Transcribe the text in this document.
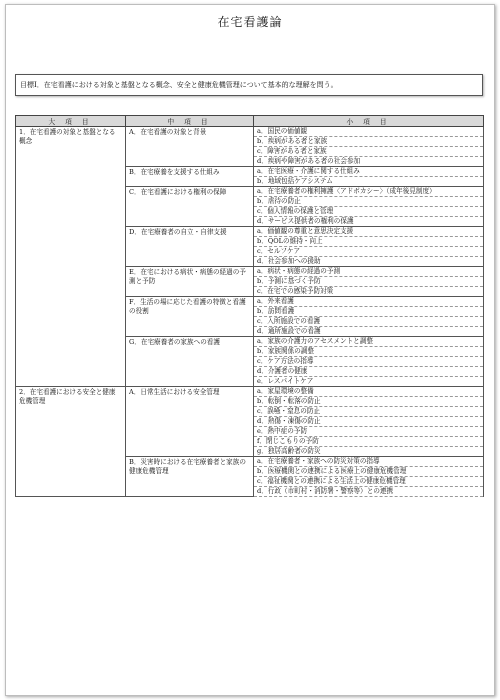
在宅看護論
目標Ⅰ．在宅看護における対象と基盤となる概念、安全と健康危機管理について基本的な理解を問う。
大 項 目	中 項 目	小 項 目
1．在宅看護の対象と基盤となる概念	A．在宅看護の対象と背景	a．国民の価値観
		b．疾病がある者と家族
		c．障害がある者と家族
		d．疾病や障害がある者の社会参加
	B．在宅療養を支援する仕組み	a．在宅医療・介護に関する仕組み
		b．地域包括ケアシステム
	C．在宅看護における権利の保障	a．在宅療養者の権利擁護〈アドボカシー〉（成年後見制度）
		b．虐待の防止
		c．個人情報の保護と管理
		d．サービス提供者の権利の保護
	D．在宅療養者の自立・自律支援	a．価値観の尊重と意思決定支援
		b．QOLの維持・向上
		c．セルフケア
		d．社会参加への援助
	E．在宅における病状・病態の経過の予測と予防	a．病状・病態の経過の予測
		b．予測に基づく予防
		c．在宅での感染予防対策
	F．生活の場に応じた看護の特徴と看護の役割	a．外来看護
		b．訪問看護
		c．入所施設での看護
		d．通所施設での看護
	G．在宅療養者の家族への看護	a．家族の介護力のアセスメントと調整
		b．家族関係の調整
		c．ケア方法の指導
		d．介護者の健康
		e．レスパイトケア
2．在宅看護における安全と健康危機管理	A．日常生活における安全管理	a．家屋環境の整備
		b．転倒・転落の防止
		c．誤嚥・窒息の防止
		d．熱傷・凍傷の防止
		e．熱中症の予防
		f．閉じこもりの予防
		g．独居高齢者の防災
	B．災害時における在宅療養者と家族の健康危機管理	a．在宅療養者・家族への防災対策の指導
		b．医療機関との連携による医療上の健康危機管理
		c．福祉機関との連携による生活上の健康危機管理
		d．行政（市町村・消防署・警察等）との連携
